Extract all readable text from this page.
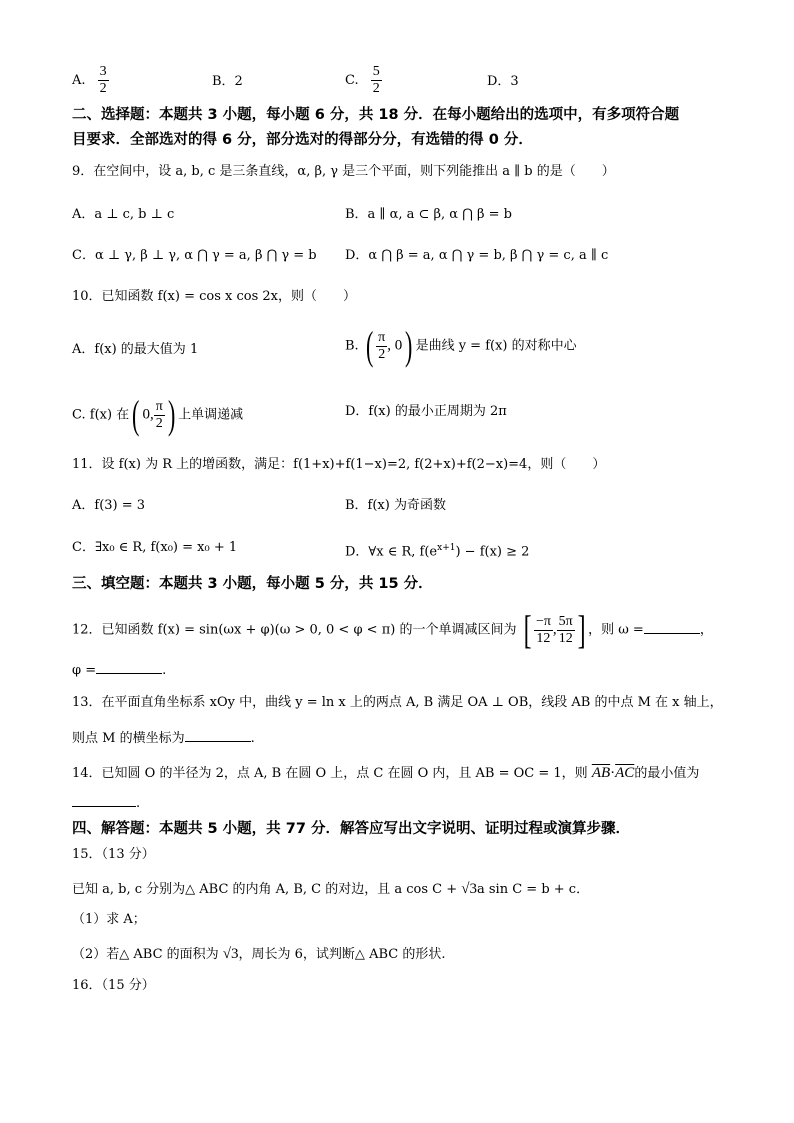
A. $\frac{3}{2}$	B．2	C. $\frac{5}{2}$	D．3
二、选择题：本题共 3 小题，每小题 6 分，共 18 分．在每小题给出的选项中，有多项符合题
目要求．全部选对的得 6 分，部分选对的得部分分，有选错的得 0 分．
9．在空间中，设 a, b, c 是三条直线，α, β, γ 是三个平面，则下列能推出 a ∥ b 的是（　　）
A．a ⊥ c, b ⊥ c	B．a ∥ α, a ⊂ β, α ⋂ β = b
C．α ⊥ γ, β ⊥ γ, α ⋂ γ = a, β ⋂ γ = b D．α ⋂ β = a, α ⋂ γ = b, β ⋂ γ = c, a ∥ c
10．已知函数 f(x) = cos x cos 2x，则（　　）
A．f(x) 的最大值为 1	B. ( $\frac{\pi}{2}$ , 0) 是曲线 y = f(x) 的对称中心
C. f(x) 在( 0, $\frac{\pi}{2}$ ) 上单调递减	D．f(x) 的最小正周期为 2π
11．设 f(x) 为 R 上的增函数，满足：f(1+x)+f(1−x)=2, f(2+x)+f(2−x)=4，则（　　）
A．f(3) = 3	B．f(x) 为奇函数
C．∃x₀ ∈ R, f(x₀) = x₀ + 1	D．∀x ∈ R, $f(e^{x+1}) - f(x) \ge 2$
三、填空题：本题共 3 小题，每小题 5 分，共 15 分．
12．已知函数 f(x) = sin(ωx + φ)(ω > 0, 0 < φ < π) 的一个单调减区间为 [ $\frac{-\pi}{12}$ , $\frac{5\pi}{12}$ ] ，则 ω =	，
φ =	.
13．在平面直角坐标系 xOy 中，曲线 y = ln x 上的两点 A, B 满足 OA ⊥ OB，线段 AB 的中点 M 在 x 轴上，
则点 M 的横坐标为	.
14．已知圆 O 的半径为 2，点 A, B 在圆 O 上，点 C 在圆 O 内，且 AB = OC = 1，则 $\overline{AB}\cdot\overline{AC}$的最小值为
.
四、解答题：本题共 5 小题，共 77 分．解答应写出文字说明、证明过程或演算步骤．
15．（13 分）
已知 a, b, c 分别为△ ABC 的内角 A, B, C 的对边，且 a cos C + √3a sin C = b + c．
（1）求 A；
（2）若△ ABC 的面积为 √3，周长为 6，试判断△ ABC 的形状.
16．（15 分）
